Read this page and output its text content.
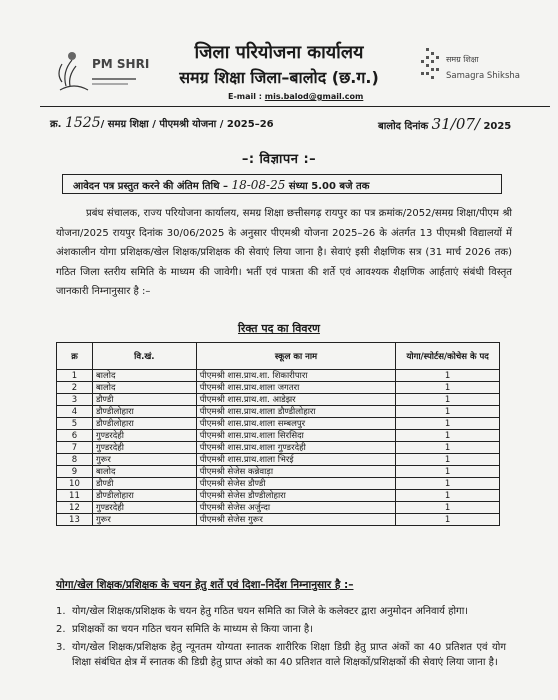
PM SHRI	समग्र शिक्षा
Samagra Shiksha
जिला परियोजना कार्यालय
समग्र शिक्षा जिला–बालोद (छ.ग.)
E-mail : mis.balod@gmail.com
क्र. 1525/ समग्र शिक्षा / पीएमश्री योजना / 2025–26	बालोद दिनांक 31/07/ 2025
–: विज्ञापन :–
आवेदन पत्र प्रस्तुत करने की अंतिम तिथि – 18-08-25 संध्या 5.00 बजे तक
प्रबंध संचालक, राज्य परियोजना कार्यालय, समग्र शिक्षा छत्तीसगढ़ रायपुर का पत्र क्रमांक/2052/समग्र शिक्षा/पीएम श्री योजना/2025 रायपुर दिनांक 30/06/2025 के अनुसार पीएमश्री योजना 2025–26 के अंतर्गत 13 पीएमश्री विद्यालयों में अंशकालीन योगा प्रशिक्षक/खेल शिक्षक/प्रशिक्षक की सेवाएं लिया जाना है। सेवाएं इसी शैक्षणिक सत्र (31 मार्च 2026 तक) गठित जिला स्तरीय समिति के माध्यम की जावेगी। भर्ती एवं पात्रता की शर्ते एवं आवश्यक शैक्षणिक आर्हताएं संबंधी विस्तृत जानकारी निम्नानुसार है :–
रिक्त पद का विवरण
क्र	वि.खं.	स्कूल का नाम	योगा/स्पोर्टस/कोचेस के पद
1	बालोद	पीएमश्री शास.प्राथ.शा. शिकारीपारा	1
2	बालोद	पीएमश्री शास.प्राथ.शाला जगतरा	1
3	डौण्डी	पीएमश्री शास.प्राथ.शा. आडेझर	1
4	डौण्डीलोहारा	पीएमश्री शास.प्राथ.शाला डौण्डीलोहारा	1
5	डौण्डीलोहारा	पीएमश्री शास.प्राथ.शाला सम्बलपुर	1
6	गुण्डरदेही	पीएमश्री शास.प्राथ.शाला सिरसिदा	1
7	गुण्डरदेही	पीएमश्री शास.प्राथ.शाला गुण्डरदेही	1
8	गुरूर	पीएमश्री शास.प्राथ.शाला भिरई	1
9	बालोद	पीएमश्री सेजेस कन्नेवाड़ा	1
10	डौण्डी	पीएमश्री सेजेस डौण्डी	1
11	डौण्डीलोहारा	पीएमश्री सेजेस डौण्डीलोहारा	1
12	गुण्डरदेही	पीएमश्री सेजेस अर्जुन्दा	1
13	गुरूर	पीएमश्री सेजेस गुरूर	1
योगा/खेल शिक्षक/प्रशिक्षक के चयन हेतु शर्ते एवं दिशा–निर्देश निम्नानुसार है :–
1. योग/खेल शिक्षक/प्रशिक्षक के चयन हेतु गठित चयन समिति का जिले के कलेक्टर द्वारा अनुमोदन अनिवार्य होगा।
2. प्रशिक्षकों का चयन गठित चयन समिति के माध्यम से किया जाना है।
3. योग/खेल शिक्षक/प्रशिक्षक हेतु न्यूनतम योग्यता स्नातक शारीरिक शिक्षा डिग्री हेतु प्राप्त अंकों का 40 प्रतिशत एवं योग शिक्षा संबंधित क्षेत्र में स्नातक की डिग्री हेतु प्राप्त अंको का 40 प्रतिशत वाले शिक्षकों/प्रशिक्षकों की सेवाएं लिया जाना है।
